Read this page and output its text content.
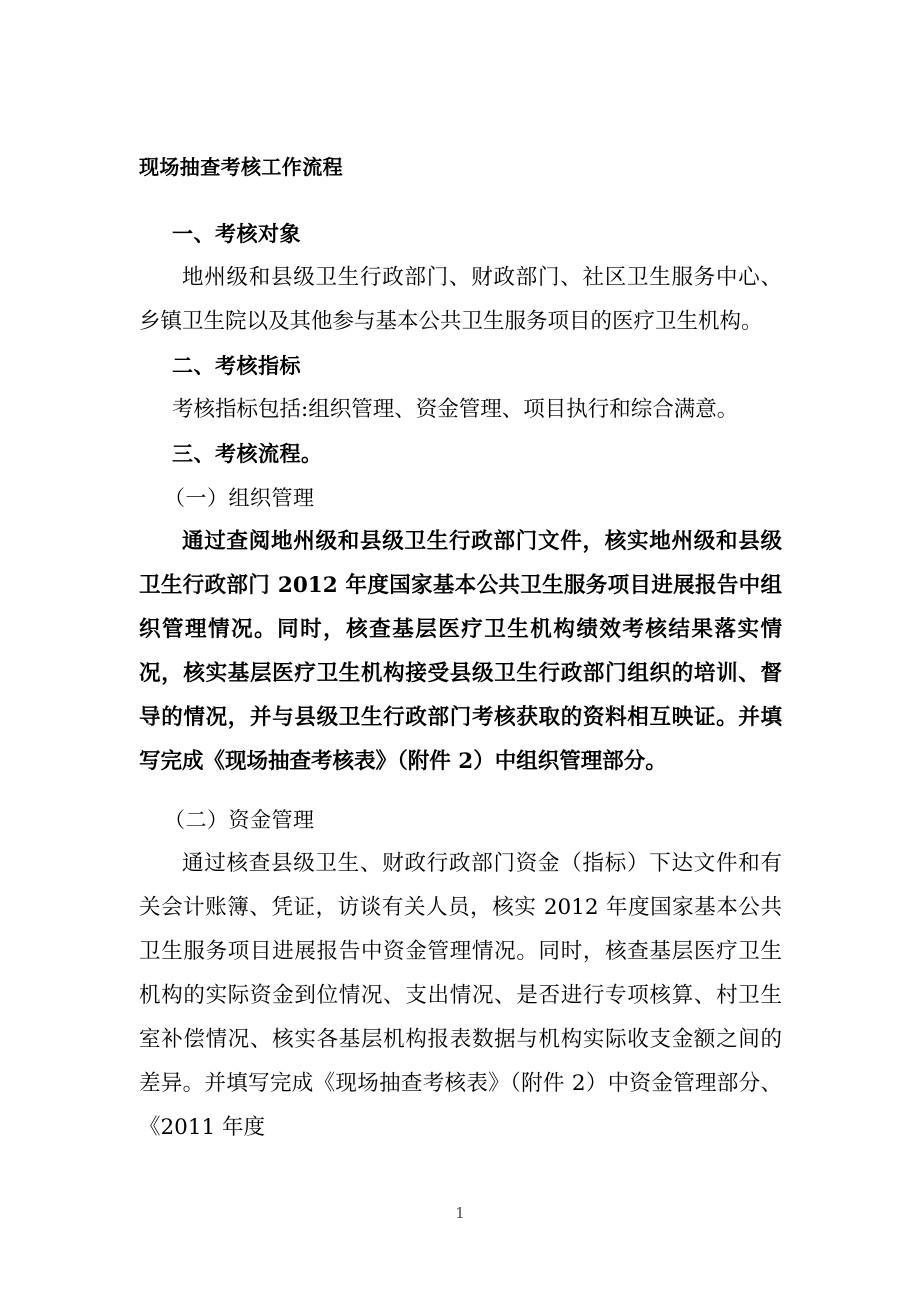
现场抽查考核工作流程

一、考核对象

地州级和县级卫生行政部门、财政部门、社区卫生服务中心、乡镇卫生院以及其他参与基本公共卫生服务项目的医疗卫生机构。

二、考核指标

考核指标包括:组织管理、资金管理、项目执行和综合满意。

三、考核流程。

（一）组织管理

通过查阅地州级和县级卫生行政部门文件，核实地州级和县级卫生行政部门 2012 年度国家基本公共卫生服务项目进展报告中组织管理情况。同时，核查基层医疗卫生机构绩效考核结果落实情况，核实基层医疗卫生机构接受县级卫生行政部门组织的培训、督导的情况，并与县级卫生行政部门考核获取的资料相互映证。并填写完成《现场抽查考核表》（附件 2）中组织管理部分。

（二）资金管理

通过核查县级卫生、财政行政部门资金（指标）下达文件和有关会计账簿、凭证，访谈有关人员，核实 2012 年度国家基本公共卫生服务项目进展报告中资金管理情况。同时，核查基层医疗卫生机构的实际资金到位情况、支出情况、是否进行专项核算、村卫生室补偿情况、核实各基层机构报表数据与机构实际收支金额之间的差异。并填写完成《现场抽查考核表》（附件 2）中资金管理部分、《2011 年度

1
